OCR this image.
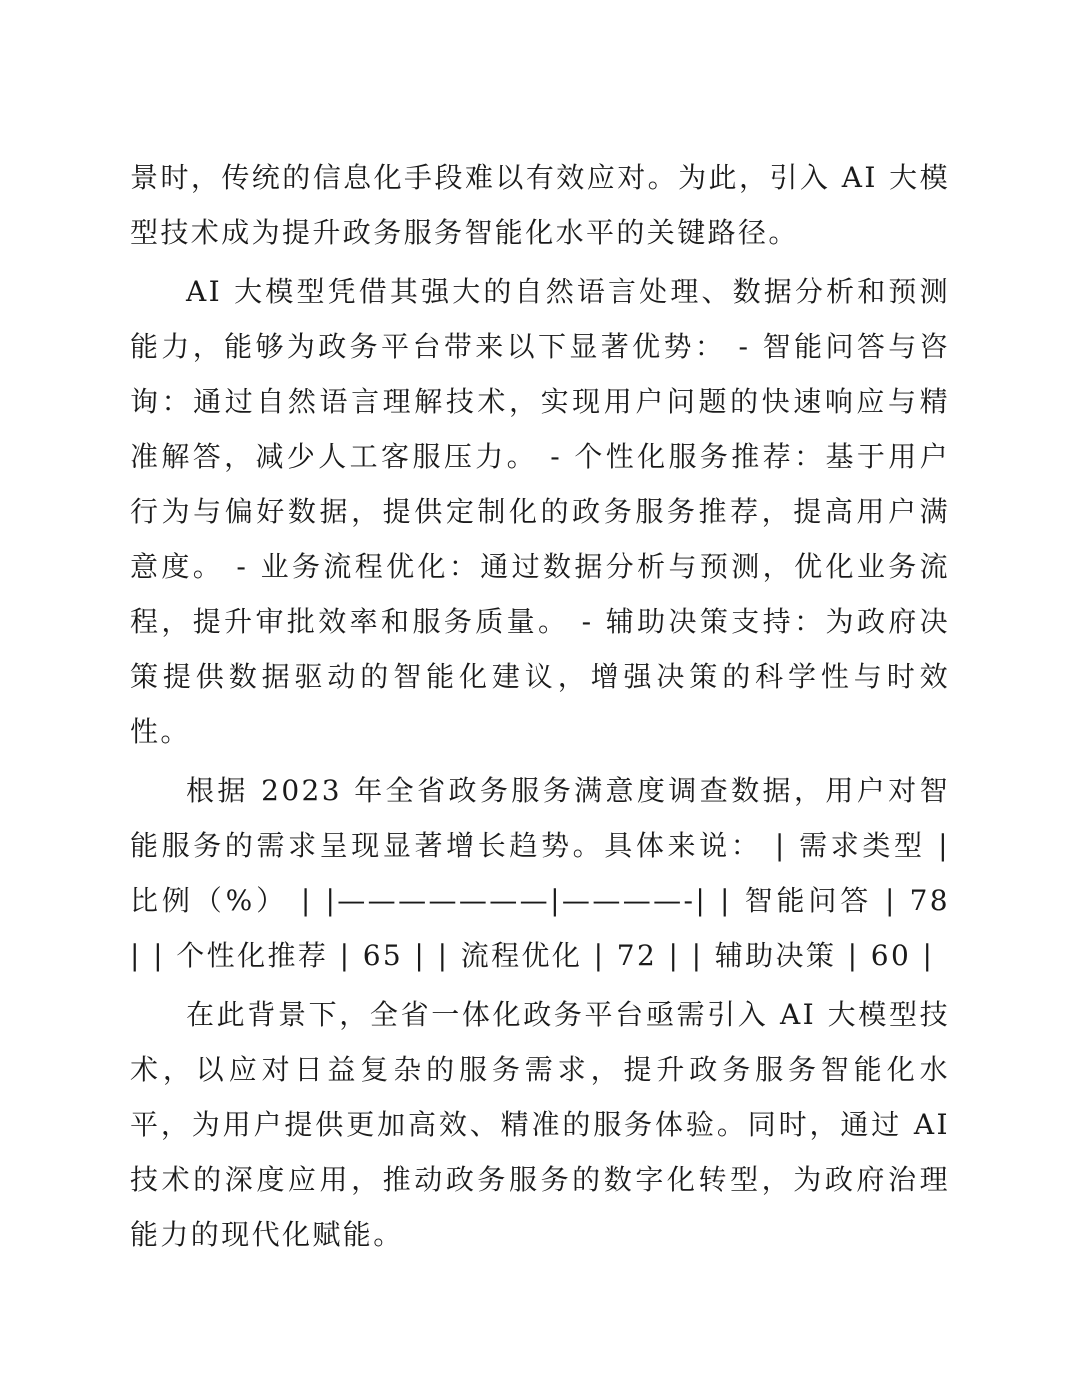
景时，传统的信息化手段难以有效应对。为此，引入 AI 大模型技术成为提升政务服务智能化水平的关键路径。

AI 大模型凭借其强大的自然语言处理、数据分析和预测能力，能够为政务平台带来以下显著优势： - 智能问答与咨询：通过自然语言理解技术，实现用户问题的快速响应与精准解答，减少人工客服压力。 - 个性化服务推荐：基于用户行为与偏好数据，提供定制化的政务服务推荐，提高用户满意度。 - 业务流程优化：通过数据分析与预测，优化业务流程，提升审批效率和服务质量。 - 辅助决策支持：为政府决策提供数据驱动的智能化建议，增强决策的科学性与时效性。

根据 2023 年全省政务服务满意度调查数据，用户对智能服务的需求呈现显著增长趋势。具体来说： | 需求类型 | 比例（%） | |———————|————-| | 智能问答 | 78 | | 个性化推荐 | 65 | | 流程优化 | 72 | | 辅助决策 | 60 |

在此背景下，全省一体化政务平台亟需引入 AI 大模型技术，以应对日益复杂的服务需求，提升政务服务智能化水平，为用户提供更加高效、精准的服务体验。同时，通过 AI 技术的深度应用，推动政务服务的数字化转型，为政府治理能力的现代化赋能。
